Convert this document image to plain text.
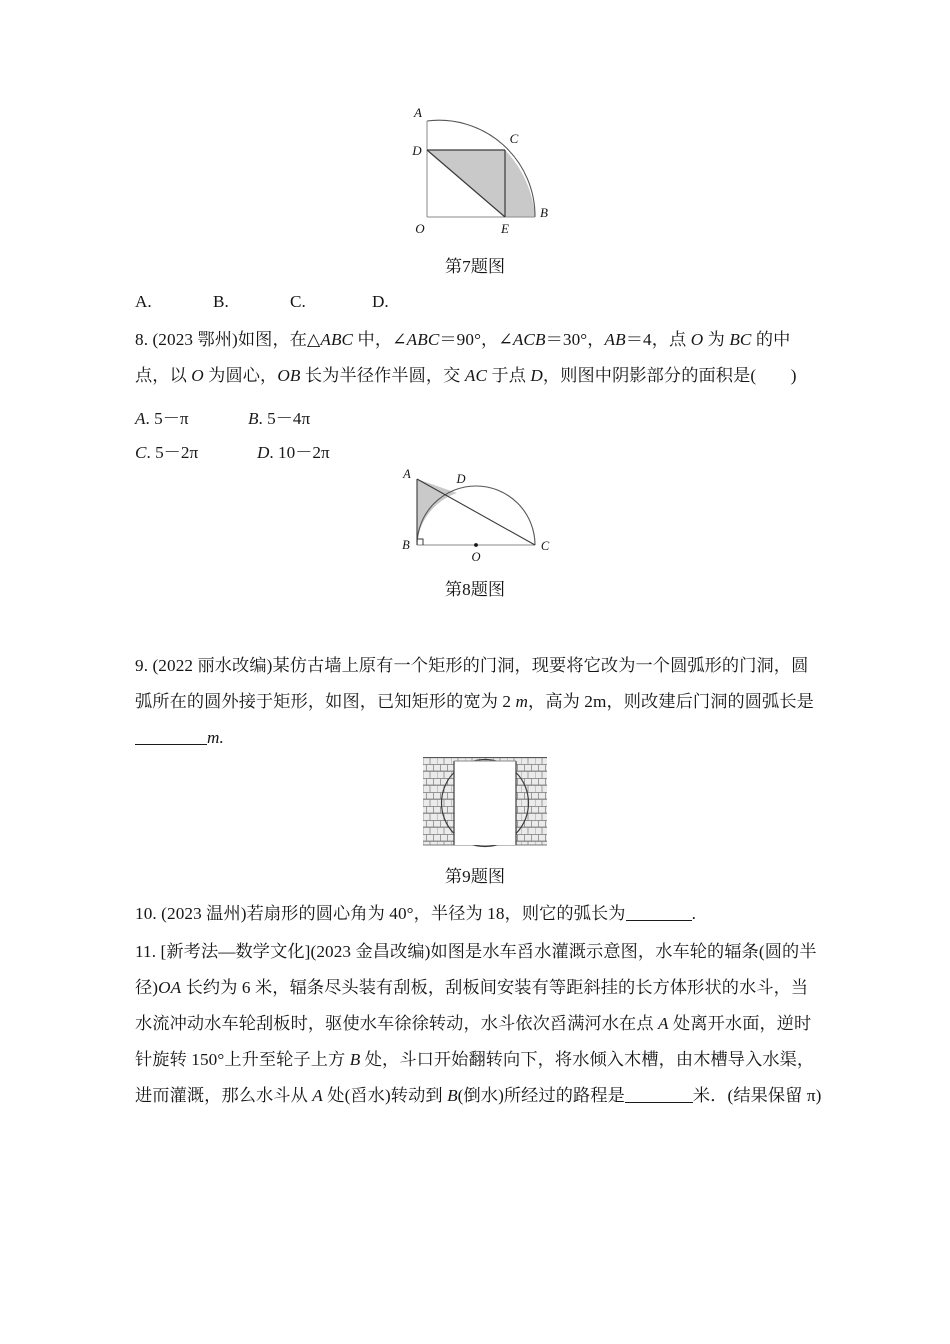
A
D
C
B
E
O
第7题图
A.	B.	C.	D.
8. (2023 鄂州)如图，在△ABC 中，∠ABC＝90°，∠ACB＝30°，AB＝4，点 O 为 BC 的中
点，以 O 为圆心，OB 长为半径作半圆，交 AC 于点 D，则图中阴影部分的面积是(　　)
A. 5－π	B. 5－4π
C. 5－2π	D. 10－2π
A	D
B	C
O
第8题图
9. (2022 丽水改编)某仿古墙上原有一个矩形的门洞，现要将它改为一个圆弧形的门洞，圆
弧所在的圆外接于矩形，如图，已知矩形的宽为 2 m，高为 2m，则改建后门洞的圆弧长是
m.
第9题图
10. (2023 温州)若扇形的圆心角为 40°，半径为 18，则它的弧长为	.
11. [新考法—数学文化](2023 金昌改编)如图是水车舀水灌溉示意图，水车轮的辐条(圆的半
径)OA 长约为 6 米，辐条尽头装有刮板，刮板间安装有等距斜挂的长方体形状的水斗，当
水流冲动水车轮刮板时，驱使水车徐徐转动，水斗依次舀满河水在点 A 处离开水面，逆时
针旋转 150°上升至轮子上方 B 处，斗口开始翻转向下，将水倾入木槽，由木槽导入水渠，
进而灌溉，那么水斗从 A 处(舀水)转动到 B(倒水)所经过的路程是	米．(结果保留 π)
